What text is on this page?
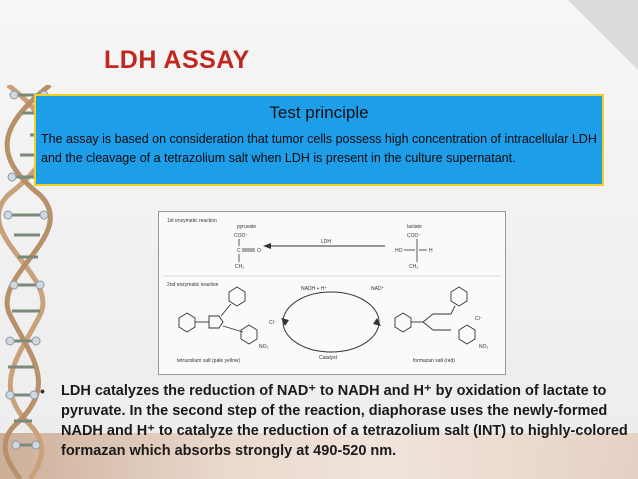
LDH ASSAY
Test principle
The assay is based on consideration that tumor cells possess high concentration of intracellular LDH and the cleavage of a tetrazolium salt when LDH is present in the culture supernatant.
1st enzymatic reaction
pyruvate
COO⁻
C	O
CH₃
lactate
COO⁻
HO	H
CH₃
LDH
2nd enzymatic reaction
NADH + H⁺	NAD⁺
Catalyst
Cl⁻
NO₂
tetrazolium salt (pale yellow)
Cl⁻
NO₂
formazan salt (red)
• LDH catalyzes the reduction of NAD⁺ to NADH and H⁺ by oxidation of lactate to pyruvate. In the second step of the reaction, diaphorase uses the newly-formed NADH and H⁺ to catalyze the reduction of a tetrazolium salt (INT) to highly-colored formazan which absorbs strongly at 490-520 nm.
